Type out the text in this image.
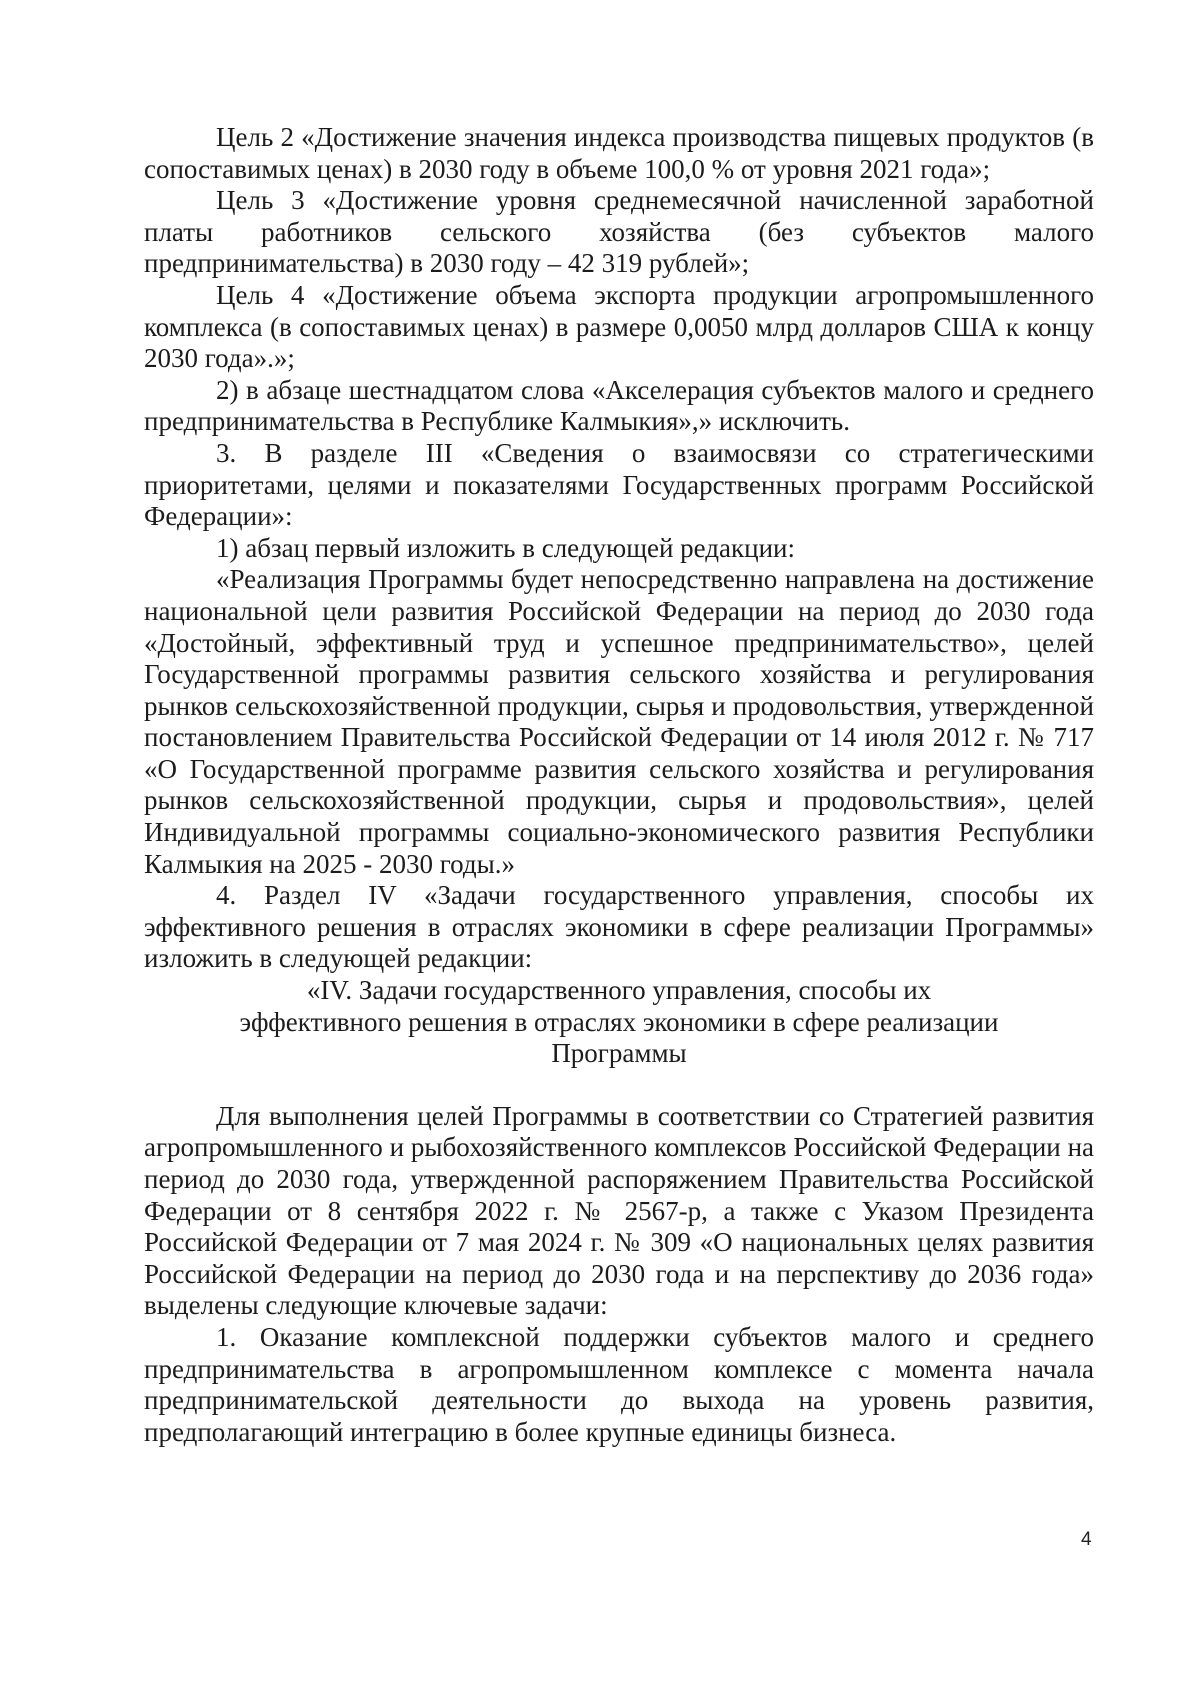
Цель 2 «Достижение значения индекса производства пищевых продуктов (в сопоставимых ценах) в 2030 году в объеме 100,0 % от уровня 2021 года»;

Цель 3 «Достижение уровня среднемесячной начисленной заработной платы работников сельского хозяйства (без субъектов малого предпринимательства) в 2030 году – 42 319 рублей»;

Цель 4 «Достижение объема экспорта продукции агропромышленного комплекса (в сопоставимых ценах) в размере 0,0050 млрд долларов США к концу 2030 года».»;

2) в абзаце шестнадцатом слова «Акселерация субъектов малого и среднего предпринимательства в Республике Калмыкия»,» исключить.

3. В разделе III «Сведения о взаимосвязи со стратегическими приоритетами, целями и показателями Государственных программ Российской Федерации»:

1) абзац первый изложить в следующей редакции:

«Реализация Программы будет непосредственно направлена на достижение национальной цели развития Российской Федерации на период до 2030 года «Достойный, эффективный труд и успешное предпринимательство», целей Государственной программы развития сельского хозяйства и регулирования рынков сельскохозяйственной продукции, сырья и продовольствия, утвержденной постановлением Правительства Российской Федерации от 14 июля 2012 г. № 717 «О Государственной программе развития сельского хозяйства и регулирования рынков сельскохозяйственной продукции, сырья и продовольствия», целей Индивидуальной программы социально-экономического развития Республики Калмыкия на 2025 - 2030 годы.»

4. Раздел IV «Задачи государственного управления, способы их эффективного решения в отраслях экономики в сфере реализации Программы» изложить в следующей редакции:

«IV. Задачи государственного управления, способы их
эффективного решения в отраслях экономики в сфере реализации
Программы

Для выполнения целей Программы в соответствии со Стратегией развития агропромышленного и рыбохозяйственного комплексов Российской Федерации на период до 2030 года, утвержденной распоряжением Правительства Российской Федерации от 8 сентября 2022 г. № 2567-р, а также с Указом Президента Российской Федерации от 7 мая 2024 г. № 309 «О национальных целях развития Российской Федерации на период до 2030 года и на перспективу до 2036 года» выделены следующие ключевые задачи:

1. Оказание комплексной поддержки субъектов малого и среднего предпринимательства в агропромышленном комплексе с момента начала предпринимательской деятельности до выхода на уровень развития, предполагающий интеграцию в более крупные единицы бизнеса.

4
